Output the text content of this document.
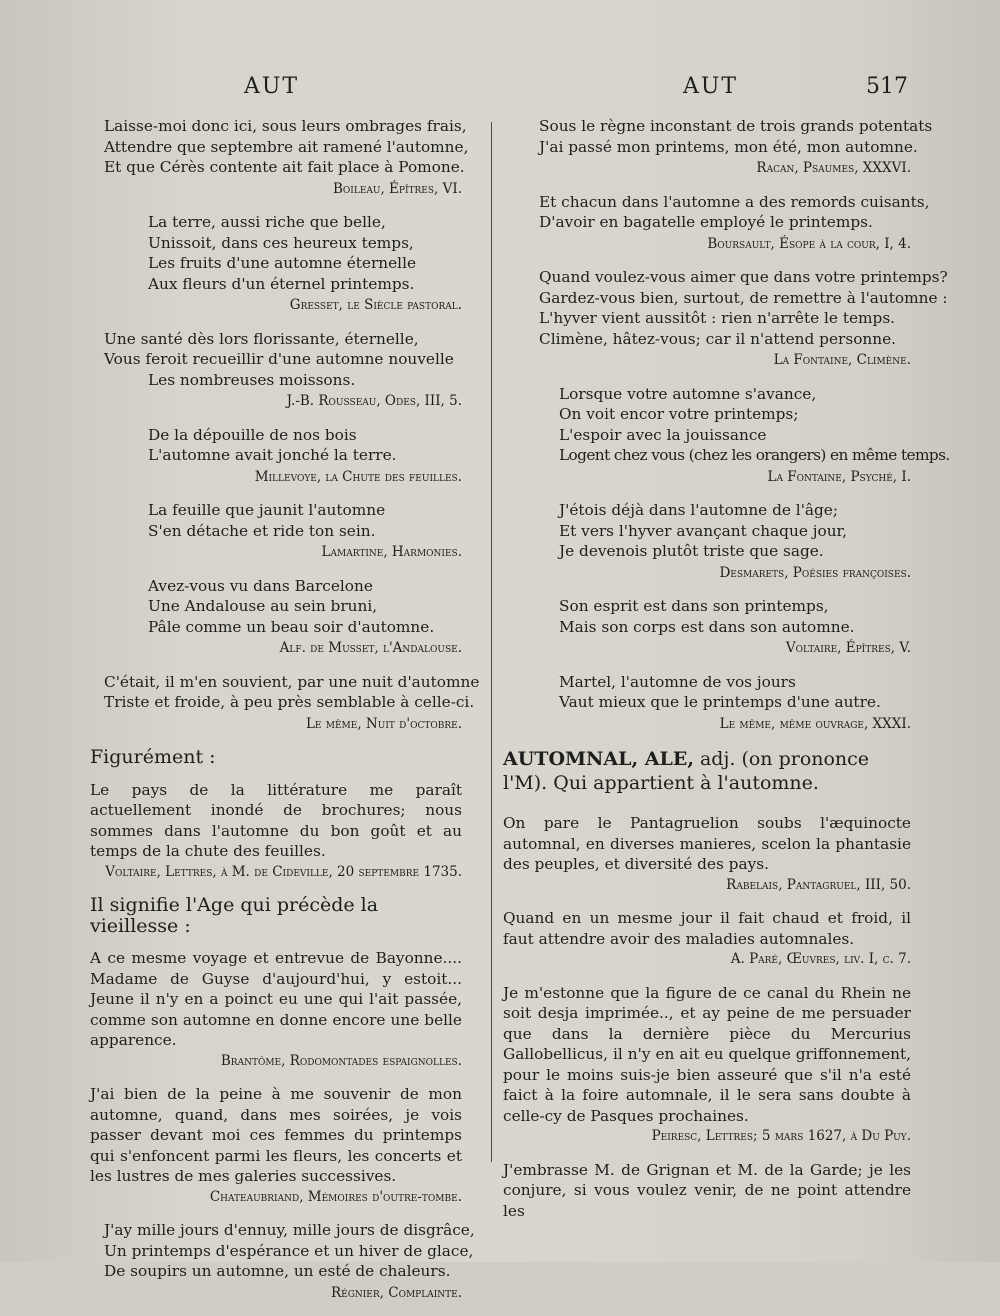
AUT	AUT	517
Laisse-moi donc ici, sous leurs ombrages frais,
Attendre que septembre ait ramené l'automne,
Et que Cérès contente ait fait place à Pomone.
Boileau, Épîtres, VI.
La terre, aussi riche que belle,
Unissoit, dans ces heureux temps,
Les fruits d'une automne éternelle
Aux fleurs d'un éternel printemps.
Gresset, le Siècle pastoral.
Une santé dès lors florissante, éternelle,
Vous feroit recueillir d'une automne nouvelle
Les nombreuses moissons.
J.-B. Rousseau, Odes, III, 5.
De la dépouille de nos bois
L'automne avait jonché la terre.
Millevoye, la Chute des feuilles.
La feuille que jaunit l'automne
S'en détache et ride ton sein.
Lamartine, Harmonies.
Avez-vous vu dans Barcelone
Une Andalouse au sein bruni,
Pâle comme un beau soir d'automne.
Alf. de Musset, l'Andalouse.
C'était, il m'en souvient, par une nuit d'automne
Triste et froide, à peu près semblable à celle-ci.
Le même, Nuit d'octobre.
Figurément :
Le pays de la littérature me paraît actuellement inondé de brochures; nous sommes dans l'automne du bon goût et au temps de la chute des feuilles.
Voltaire, Lettres, à M. de Cideville, 20 septembre 1735.
Il signifie l'Age qui précède la vieillesse :
A ce mesme voyage et entrevue de Bayonne.... Madame de Guyse d'aujourd'hui, y estoit... Jeune il n'y en a poinct eu une qui l'ait passée, comme son automne en donne encore une belle apparence.
Brantôme, Rodomontades espaignolles.
J'ai bien de la peine à me souvenir de mon automne, quand, dans mes soirées, je vois passer devant moi ces femmes du printemps qui s'enfoncent parmi les fleurs, les concerts et les lustres de mes galeries successives.
Chateaubriand, Mémoires d'outre-tombe.
J'ay mille jours d'ennuy, mille jours de disgrâce,
Un printemps d'espérance et un hiver de glace,
De soupirs un automne, un esté de chaleurs.
Régnier, Complainte.
Sous le règne inconstant de trois grands potentats
J'ai passé mon printems, mon été, mon automne.
Racan, Psaumes, XXXVI.
Et chacun dans l'automne a des remords cuisants,
D'avoir en bagatelle employé le printemps.
Boursault, Ésope à la cour, I, 4.
Quand voulez-vous aimer que dans votre printemps?
Gardez-vous bien, surtout, de remettre à l'automne :
L'hyver vient aussitôt : rien n'arrête le temps.
Climène, hâtez-vous; car il n'attend personne.
La Fontaine, Climène.
Lorsque votre automne s'avance,
On voit encor votre printemps;
L'espoir avec la jouissance
Logent chez vous (chez les orangers) en même temps.
La Fontaine, Psyché, I.
J'étois déjà dans l'automne de l'âge;
Et vers l'hyver avançant chaque jour,
Je devenois plutôt triste que sage.
Desmarets, Poésies françoises.
Son esprit est dans son printemps,
Mais son corps est dans son automne.
Voltaire, Épîtres, V.
Martel, l'automne de vos jours
Vaut mieux que le printemps d'une autre.
Le même, même ouvrage, XXXI.
AUTOMNAL, ALE, adj. (on prononce l'M). Qui appartient à l'automne.
On pare le Pantagruelion soubs l'æquinocte automnal, en diverses manieres, scelon la phantasie des peuples, et diversité des pays.
Rabelais, Pantagruel, III, 50.
Quand en un mesme jour il fait chaud et froid, il faut attendre avoir des maladies automnales.
A. Paré, Œuvres, liv. I, c. 7.
Je m'estonne que la figure de ce canal du Rhein ne soit desja imprimée.., et ay peine de me persuader que dans la dernière pièce du Mercurius Gallobellicus, il n'y en ait eu quelque griffonnement, pour le moins suis-je bien asseuré que s'il n'a esté faict à la foire automnale, il le sera sans doubte à celle-cy de Pasques prochaines.
Peiresc, Lettres; 5 mars 1627, à Du Puy.
J'embrasse M. de Grignan et M. de la Garde; je les conjure, si vous voulez venir, de ne point attendre les
